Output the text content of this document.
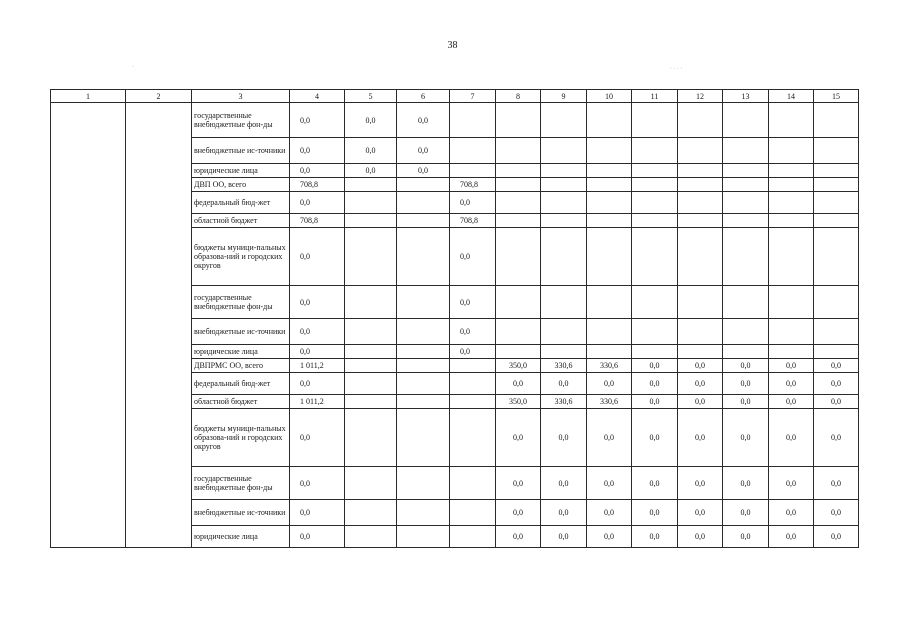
38
·	· · · ·
1	2	3	4	5	6	7	8	9	10	11	12	13	14	15
		государственные внебюджетные фон-ды	0,0	0,0	0,0									
		внебюджетные ис-точники	0,0	0,0	0,0									
		юридические лица	0,0	0,0	0,0									
		ДВП ОО, всего	708,8			708,8								
		федеральный бюд-жет	0,0			0,0								
		областной бюджет	708,8			708,8								
		бюджеты муници-пальных образова-ний и городских округов	0,0			0,0								
		государственные внебюджетные фон-ды	0,0			0,0								
		внебюджетные ис-точники	0,0			0,0								
		юридические лица	0,0			0,0								
		ДВПРМС ОО, всего	1 011,2				350,0	330,6	330,6	0,0	0,0	0,0	0,0	0,0
		федеральный бюд-жет	0,0				0,0	0,0	0,0	0,0	0,0	0,0	0,0	0,0
		областной бюджет	1 011,2				350,0	330,6	330,6	0,0	0,0	0,0	0,0	0,0
		бюджеты муници-пальных образова-ний и городских округов	0,0				0,0	0,0	0,0	0,0	0,0	0,0	0,0	0,0
		государственные внебюджетные фон-ды	0,0				0,0	0,0	0,0	0,0	0,0	0,0	0,0	0,0
		внебюджетные ис-точники	0,0				0,0	0,0	0,0	0,0	0,0	0,0	0,0	0,0
		юридические лица	0,0				0,0	0,0	0,0	0,0	0,0	0,0	0,0	0,0
